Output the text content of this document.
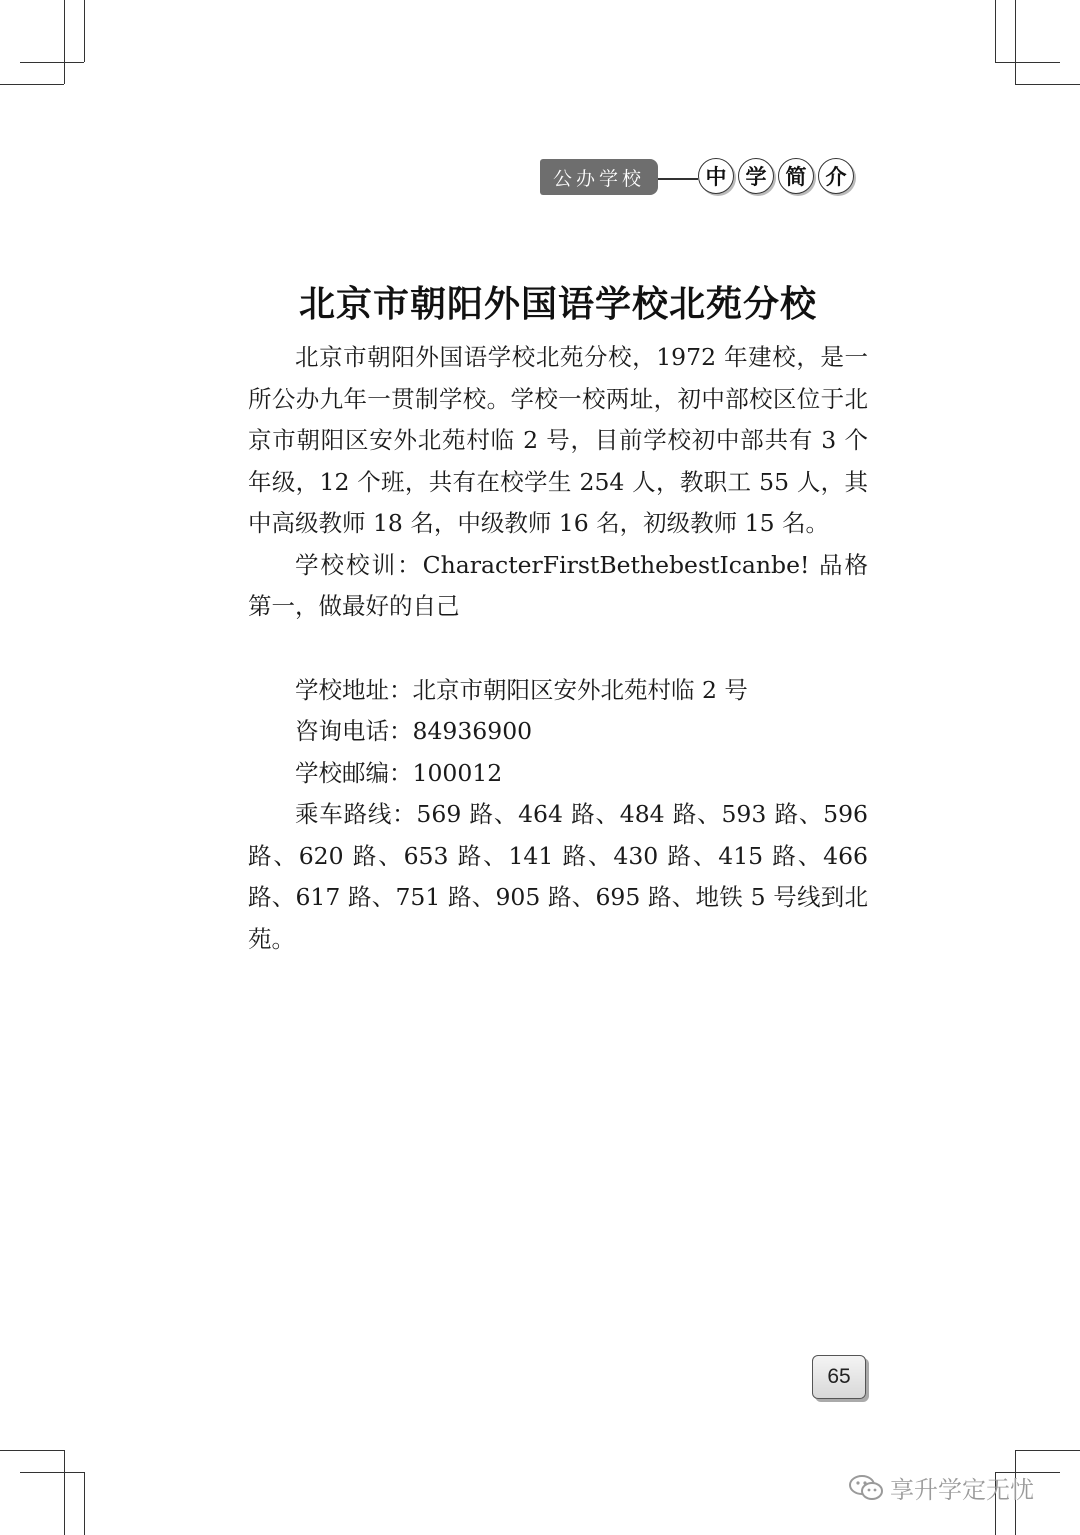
公办学校	中 学 简 介
北京市朝阳外国语学校北苑分校

北京市朝阳外国语学校北苑分校，1972 年建校，是一所公办九年一贯制学校。学校一校两址，初中部校区位于北京市朝阳区安外北苑村临 2 号，目前学校初中部共有 3 个年级，12 个班，共有在校学生 254 人，教职工 55 人，其中高级教师 18 名，中级教师 16 名，初级教师 15 名。

学校校训：CharacterFirstBethebestIcanbe! 品格第一，做最好的自己

学校地址：北京市朝阳区安外北苑村临 2 号

咨询电话：84936900

学校邮编：100012

乘车路线：569 路、464 路、484 路、593 路、596 路、620 路、653 路、141 路、430 路、415 路、466 路、617 路、751 路、905 路、695 路、地铁 5 号线到北苑。

65
享升学定无忧
